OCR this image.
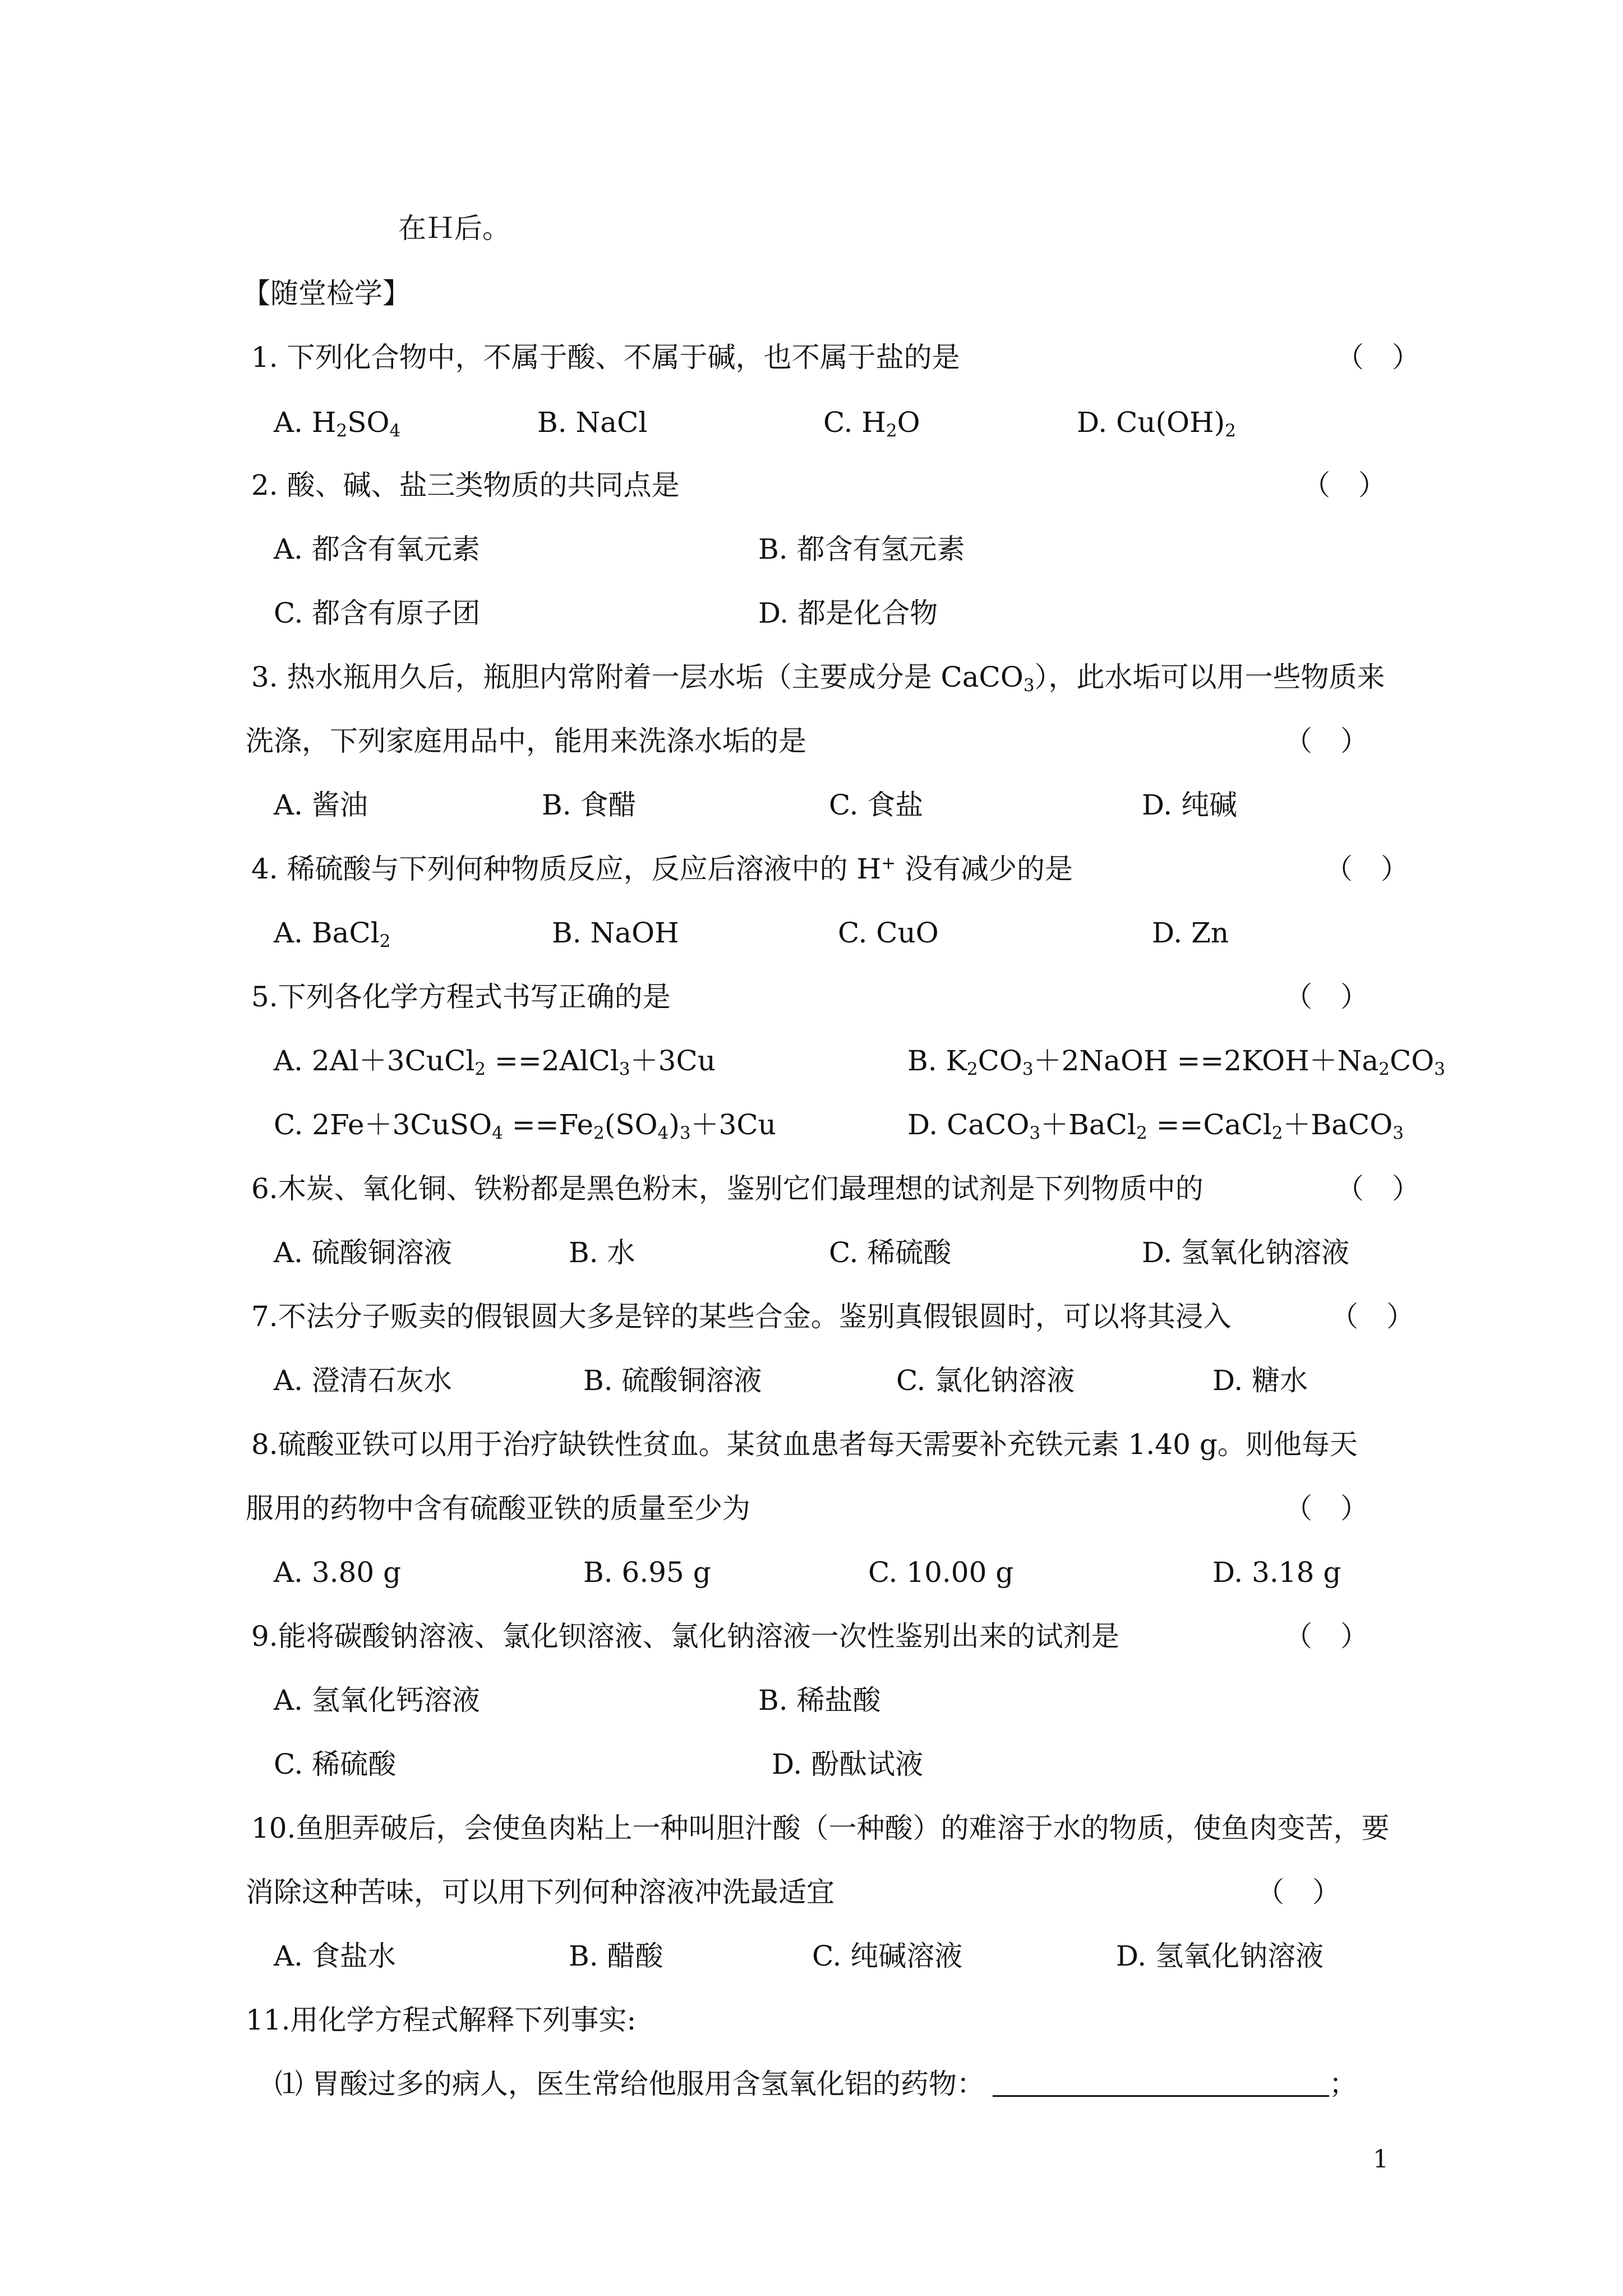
在Ｈ后。
【随堂检学】
1. 下列化合物中，不属于酸、不属于碱，也不属于盐的是	（　）
A. $H_2SO_4$	B. NaCl	C. $H_2O$	D. $Cu(OH)_2$
2. 酸、碱、盐三类物质的共同点是	（　）
A. 都含有氧元素	B. 都含有氢元素
C. 都含有原子团	D. 都是化合物
3. 热水瓶用久后，瓶胆内常附着一层水垢（主要成分是 CaCO$_3$），此水垢可以用一些物质来
洗涤，下列家庭用品中，能用来洗涤水垢的是	（　）
A. 酱油	B. 食醋	C. 食盐	D. 纯碱
4. 稀硫酸与下列何种物质反应，反应后溶液中的 H+ 没有减少的是	（　）
A. BaCl$_2$	B. NaOH	C. CuO	D. Zn
5.下列各化学方程式书写正确的是	（　）
A. 2Al＋3CuCl$_2$ ==2AlCl$_3$＋3Cu	B. $K_2CO_3+2NaOH ==2KOH+Na_2CO_3$
C. 2Fe＋3CuSO$_4$ $==Fe_2(SO_4)_3+3Cu$	D. CaCO$_3$＋BaCl$_2$ ==CaCl$_2$＋BaCO$_3$
6.木炭、氧化铜、铁粉都是黑色粉末，鉴别它们最理想的试剂是下列物质中的	（　）
A. 硫酸铜溶液	B. 水	C. 稀硫酸	D. 氢氧化钠溶液
7.不法分子贩卖的假银圆大多是锌的某些合金。鉴别真假银圆时，可以将其浸入	（　）
A. 澄清石灰水	B. 硫酸铜溶液	C. 氯化钠溶液	D. 糖水
8.硫酸亚铁可以用于治疗缺铁性贫血。某贫血患者每天需要补充铁元素 1.40 g。则他每天
服用的药物中含有硫酸亚铁的质量至少为	（　）
A. 3.80 g	B. 6.95 g	C. 10.00 g	D. 3.18 g
9.能将碳酸钠溶液、氯化钡溶液、氯化钠溶液一次性鉴别出来的试剂是	（　）
A. 氢氧化钙溶液	B. 稀盐酸
C. 稀硫酸	D. 酚酞试液
10.鱼胆弄破后，会使鱼肉粘上一种叫胆汁酸（一种酸）的难溶于水的物质，使鱼肉变苦，要
消除这种苦味，可以用下列何种溶液冲洗最适宜	（　）
A. 食盐水	B. 醋酸	C. 纯碱溶液	D. 氢氧化钠溶液
11.用化学方程式解释下列事实:
⑴ 胃酸过多的病人，医生常给他服用含氢氧化铝的药物：	；
1
